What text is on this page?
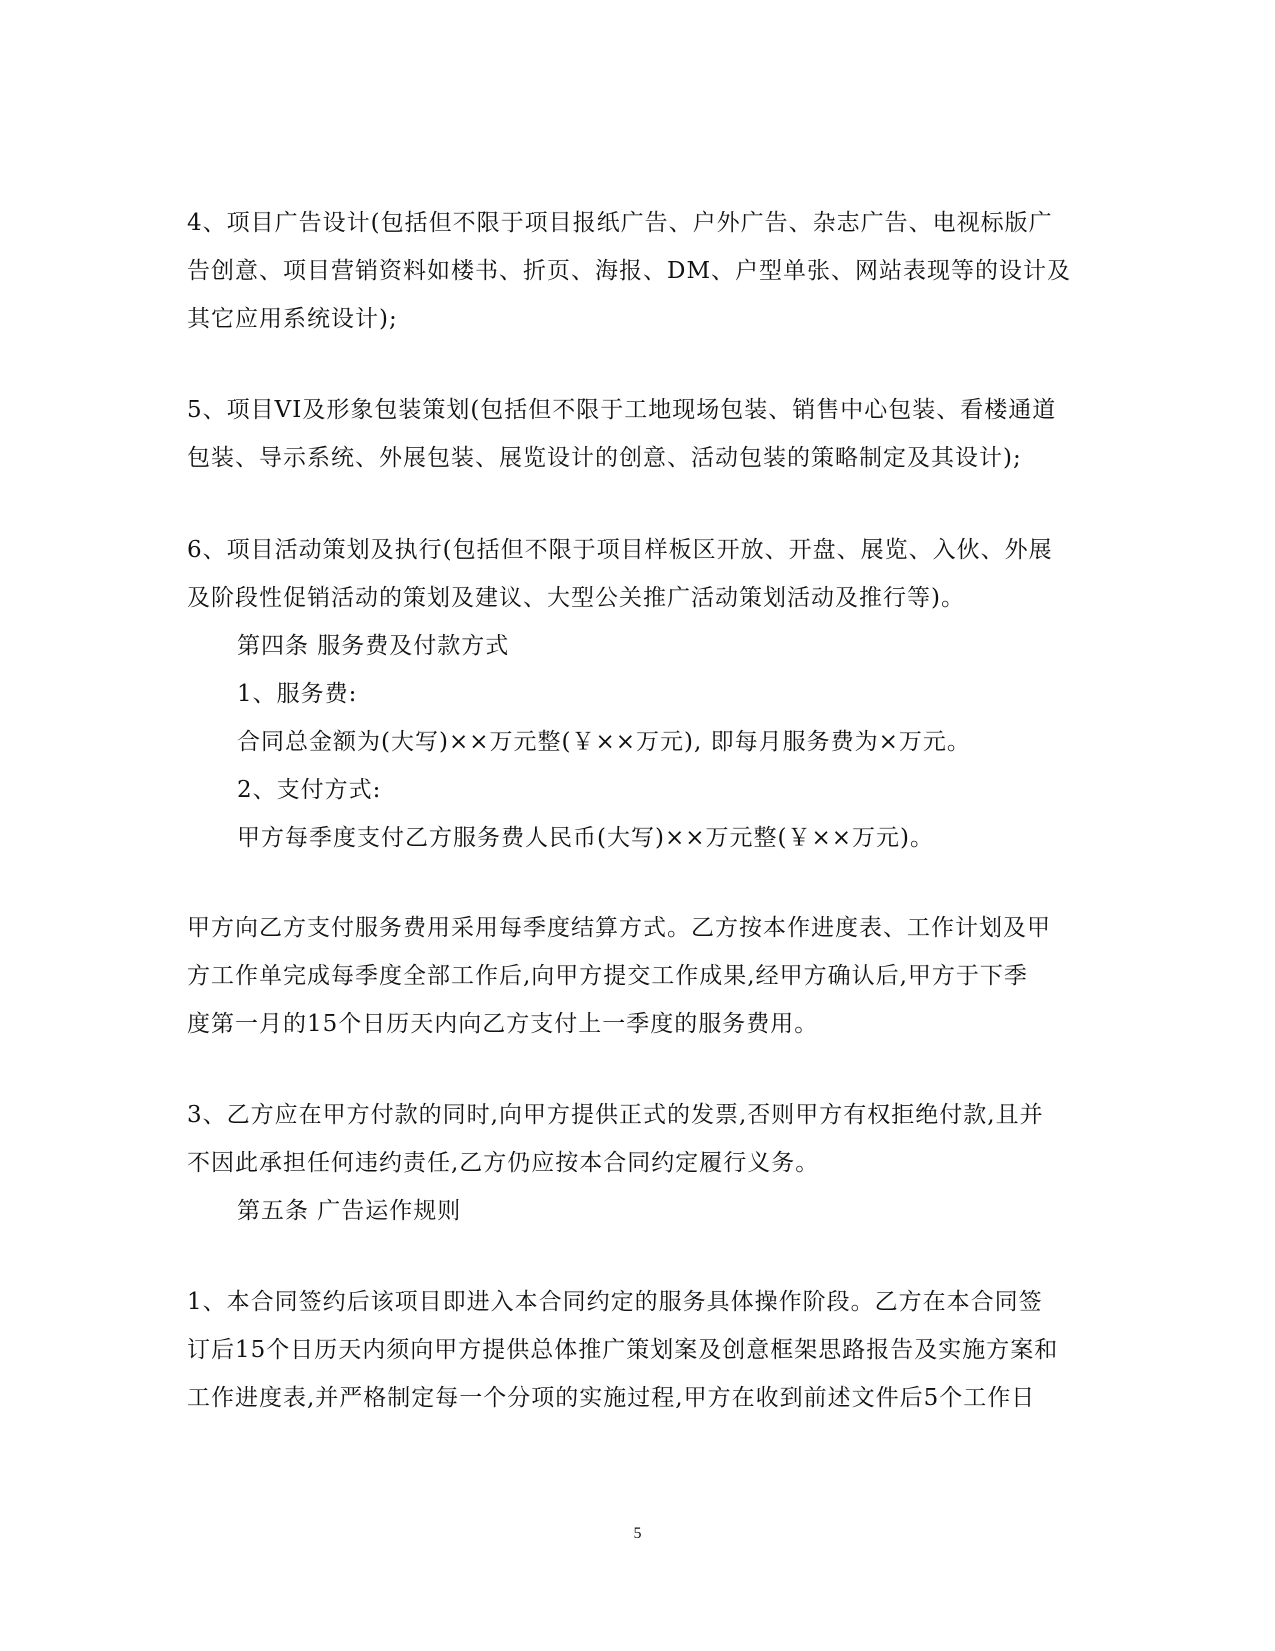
4、项目广告设计(包括但不限于项目报纸广告、户外广告、杂志广告、电视标版广
告创意、项目营销资料如楼书、折页、海报、DM、户型单张、网站表现等的设计及
其它应用系统设计);
5、项目VI及形象包装策划(包括但不限于工地现场包装、销售中心包装、看楼通道
包装、导示系统、外展包装、展览设计的创意、活动包装的策略制定及其设计);
6、项目活动策划及执行(包括但不限于项目样板区开放、开盘、展览、入伙、外展
及阶段性促销活动的策划及建议、大型公关推广活动策划活动及推行等)。
第四条 服务费及付款方式
1、服务费:
合同总金额为(大写)××万元整(￥××万元), 即每月服务费为×万元。
2、支付方式:
甲方每季度支付乙方服务费人民币(大写)××万元整(￥××万元)。
甲方向乙方支付服务费用采用每季度结算方式。乙方按本作进度表、工作计划及甲
方工作单完成每季度全部工作后,向甲方提交工作成果,经甲方确认后,甲方于下季
度第一月的15个日历天内向乙方支付上一季度的服务费用。
3、乙方应在甲方付款的同时,向甲方提供正式的发票,否则甲方有权拒绝付款,且并
不因此承担任何违约责任,乙方仍应按本合同约定履行义务。
第五条 广告运作规则
1、本合同签约后该项目即进入本合同约定的服务具体操作阶段。乙方在本合同签
订后15个日历天内须向甲方提供总体推广策划案及创意框架思路报告及实施方案和
工作进度表,并严格制定每一个分项的实施过程,甲方在收到前述文件后5个工作日
5
